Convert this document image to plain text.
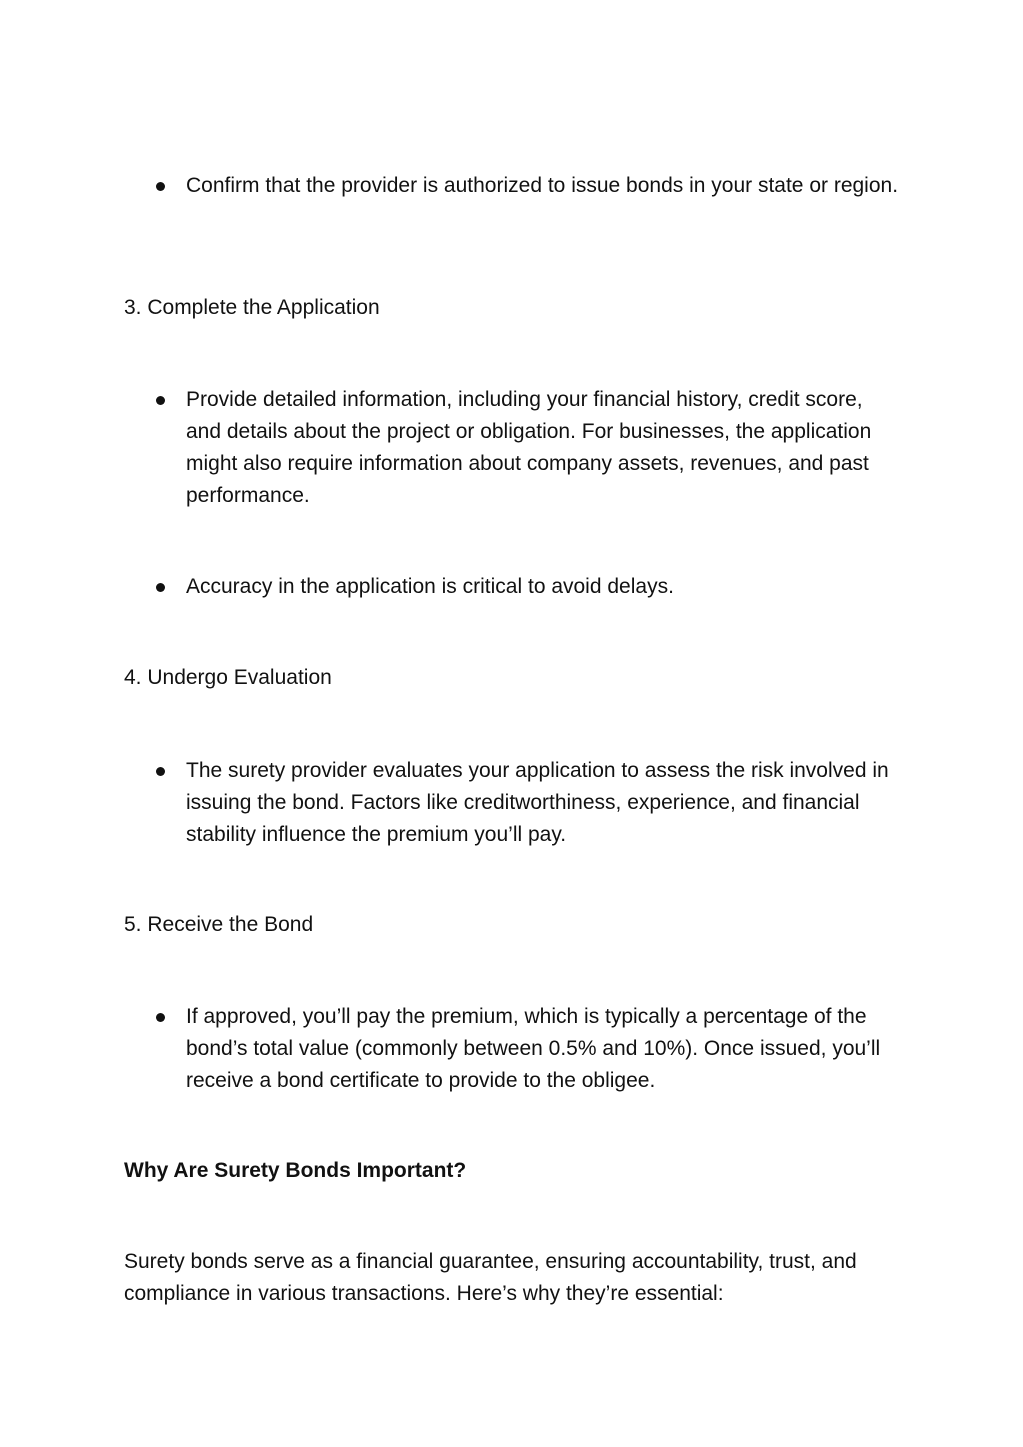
Confirm that the provider is authorized to issue bonds in your state or region.

3. Complete the Application

Provide detailed information, including your financial history, credit score, and details about the project or obligation. For businesses, the application might also require information about company assets, revenues, and past performance.
Accuracy in the application is critical to avoid delays.

4. Undergo Evaluation

The surety provider evaluates your application to assess the risk involved in issuing the bond. Factors like creditworthiness, experience, and financial stability influence the premium you’ll pay.

5. Receive the Bond

If approved, you’ll pay the premium, which is typically a percentage of the bond’s total value (commonly between 0.5% and 10%). Once issued, you’ll receive a bond certificate to provide to the obligee.

Why Are Surety Bonds Important?

Surety bonds serve as a financial guarantee, ensuring accountability, trust, and compliance in various transactions. Here’s why they’re essential:
